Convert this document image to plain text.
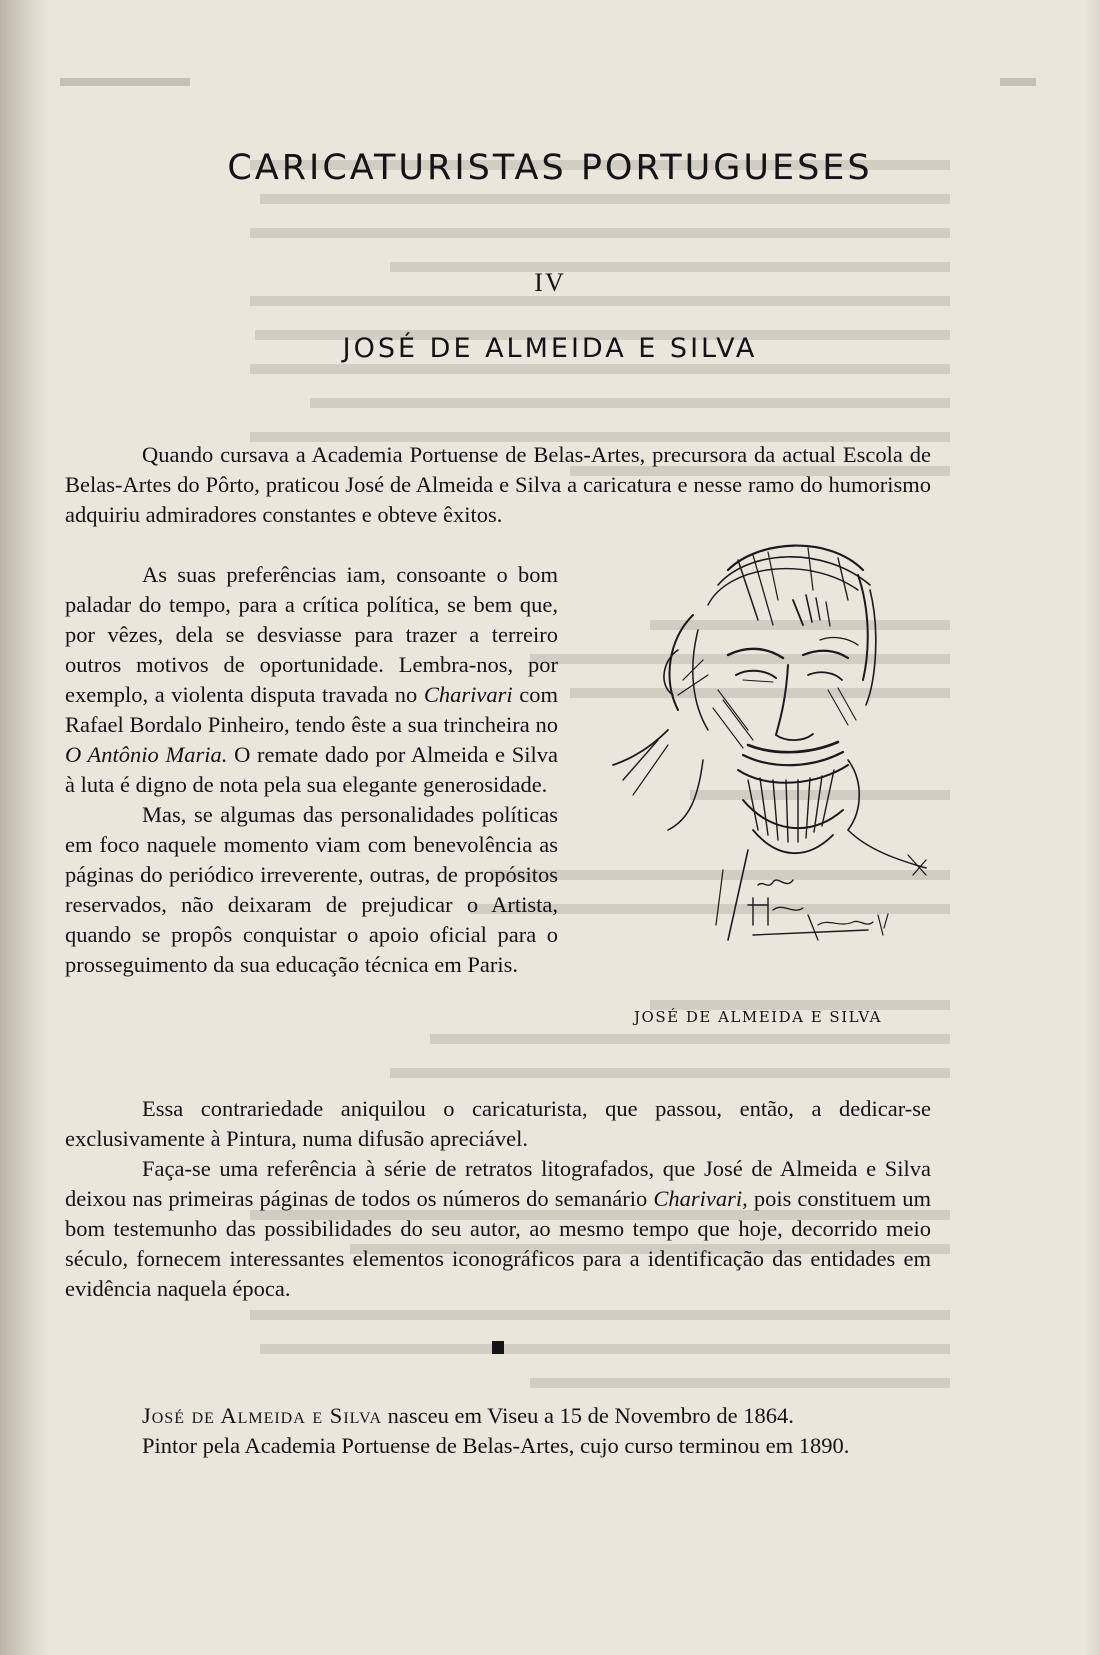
CARICATURISTAS PORTUGUESES
IV
JOSÉ DE ALMEIDA E SILVA

Quando cursava a Academia Portuense de Belas-Artes, precursora da actual Escola de Belas-Artes do Pôrto, praticou José de Almeida e Silva a caricatura e nesse ramo do humorismo adquiriu admiradores constantes e obteve êxitos.

As suas preferências iam, consoante o bom paladar do tempo, para a crítica política, se bem que, por vêzes, dela se desviasse para trazer a terreiro outros motivos de oportunidade. Lembra-nos, por exemplo, a violenta disputa travada no Charivari com Rafael Bordalo Pinheiro, tendo êste a sua trincheira no O Antônio Maria. O remate dado por Almeida e Silva à luta é digno de nota pela sua elegante generosidade.

Mas, se algumas das personalidades políticas em foco naquele momento viam com benevolência as páginas do periódico irreverente, outras, de propósitos reservados, não deixaram de prejudicar o Artista, quando se propôs conquistar o apoio oficial para o prosseguimento da sua educação técnica em Paris.

JOSÉ DE ALMEIDA E SILVA

Essa contrariedade aniquilou o caricaturista, que passou, então, a dedicar-se exclusivamente à Pintura, numa difusão apreciável.

Faça-se uma referência à série de retratos litografados, que José de Almeida e Silva deixou nas primeiras páginas de todos os números do semanário Charivari, pois constituem um bom testemunho das possibilidades do seu autor, ao mesmo tempo que hoje, decorrido meio século, fornecem interessantes elementos iconográficos para a identificação das entidades em evidência naquela época.

José de Almeida e Silva nasceu em Viseu a 15 de Novembro de 1864.

Pintor pela Academia Portuense de Belas-Artes, cujo curso terminou em 1890.
